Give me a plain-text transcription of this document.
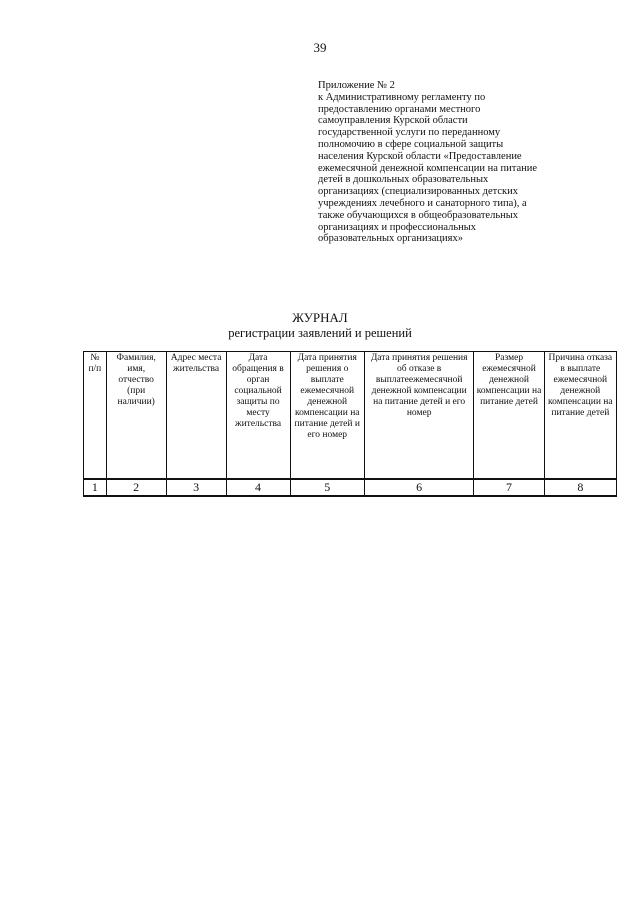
39
Приложение № 2
к Административному регламенту по
предоставлению органами местного
самоуправления Курской области
государственной услуги по переданному
полномочию в сфере социальной защиты
населения Курской области «Предоставление
ежемесячной денежной компенсации на питание
детей в дошкольных образовательных
организациях (специализированных детских
учреждениях лечебного и санаторного типа), а
также обучающихся в общеобразовательных
организациях и профессиональных
образовательных организациях»
ЖУРНАЛ
регистрации заявлений и решений
№ п/п	Фамилия, имя, отчество (при наличии)	Адрес места жительства	Дата обращения в орган социальной защиты по месту жительства	Дата принятия решения о выплате ежемесячной денежной компенсации на питание детей и его номер	Дата принятия решения об отказе в выплатеежемесячной денежной компенсации на питание детей и его номер	Размер ежемесячной денежной компенсации на питание детей	Причина отказа в выплате ежемесячной денежной компенсации на питание детей
1	2	3	4	5	6	7	8
